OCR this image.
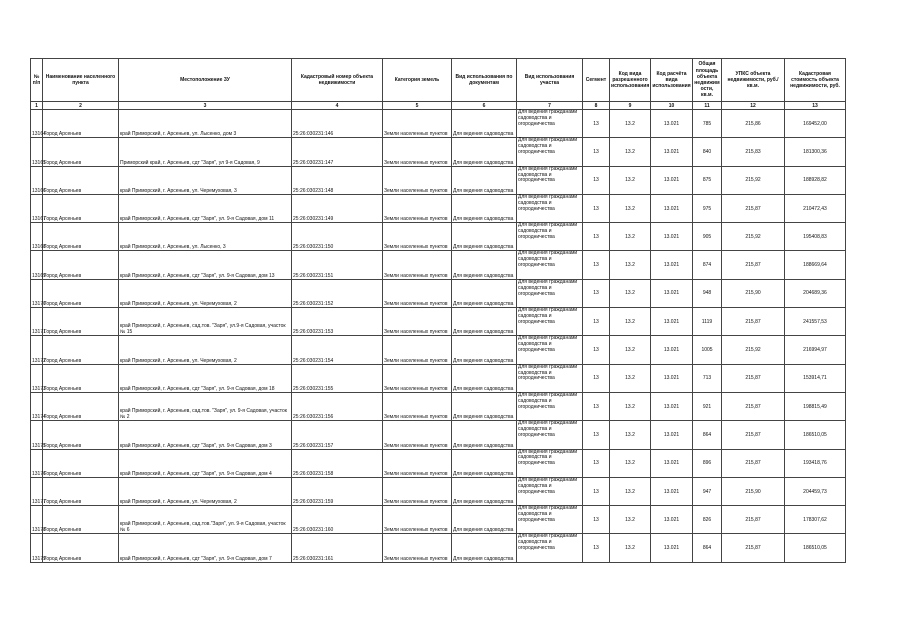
№ п/п	Наименование населенного пункта	Местоположение ЗУ	Кадастровый номер объекта недвижимости	Категория земель	Вид использования по документам	Вид использования участка	Сегмент	Код вида разрешенного использования	Код расчёта вида использования	Общая площадь объекта недвижим ости, кв.м.	УПКС объекта недвижимости, руб./кв.м.	Кадастровая стоимость объекта недвижимости, руб.
1	2	3	4	5	6	7	8	9	10	11	12	13
13164	Город Арсеньев	край Приморский, г. Арсеньев, ул. Лысенко, дом 3	25:26:030231:146	Земли населенных пунктов	Для ведения садоводства	Для ведения гражданами садоводства и огородничества	13	13.2	13.021	785	215,86	169452,00
13165	Город Арсеньев	Приморский край, г. Арсеньев, сдт "Заря", ул 9-я Садовая, 9	25:26:030231:147	Земли населенных пунктов	Для ведения садоводства	Для ведения гражданами садоводства и огородничества	13	13.2	13.021	840	215,83	181300,36
13166	Город Арсеньев	край Приморский, г. Арсеньев, ул. Черемуховая, 3	25:26:030231:148	Земли населенных пунктов	Для ведения садоводства	Для ведения гражданами садоводства и огородничества	13	13.2	13.021	875	215,92	188928,82
13167	Город Арсеньев	край Приморский, г. Арсеньев, сдт "Заря", ул. 9-я Садовая, дом 11	25:26:030231:149	Земли населенных пунктов	Для ведения садоводства	Для ведения гражданами садоводства и огородничества	13	13.2	13.021	975	215,87	210472,43
13168	Город Арсеньев	край Приморский, г. Арсеньев, ул. Лысенко, 3	25:26:030231:150	Земли населенных пунктов	Для ведения садоводства	Для ведения гражданами садоводства и огородничества	13	13.2	13.021	905	215,92	195408,83
13169	Город Арсеньев	край Приморский, г. Арсеньев, сдт "Заря", ул. 9-я Садовая, дом 13	25:26:030231:151	Земли населенных пунктов	Для ведения садоводства	Для ведения гражданами садоводства и огородничества	13	13.2	13.021	874	215,87	188669,64
13170	Город Арсеньев	край Приморский, г. Арсеньев, ул. Черемуховая, 2	25:26:030231:152	Земли населенных пунктов	Для ведения садоводства	Для ведения гражданами садоводства и огородничества	13	13.2	13.021	948	215,90	204689,36
13171	Город Арсеньев	край Приморский, г. Арсеньев, сад.тов. "Заря", ул.9-я Садовая, участок № 15	25:26:030231:153	Земли населенных пунктов	Для ведения садоводства	Для ведения гражданами садоводства и огородничества	13	13.2	13.021	1119	215,87	241557,53
13172	Город Арсеньев	край Приморский, г. Арсеньев, ул. Черемуховая, 2	25:26:030231:154	Земли населенных пунктов	Для ведения садоводства	Для ведения гражданами садоводства и огородничества	13	13.2	13.021	1005	215,92	216994,97
13173	Город Арсеньев	край Приморский, г. Арсеньев, сдт "Заря", ул. 9-я Садовая, дом 18	25:26:030231:155	Земли населенных пунктов	Для ведения садоводства	Для ведения гражданами садоводства и огородничества	13	13.2	13.021	713	215,87	153914,71
13174	Город Арсеньев	край Приморский, г. Арсеньев, сад.тов. "Заря", ул. 9-я Садовая, участок № 2	25:26:030231:156	Земли населенных пунктов	Для ведения садоводства	Для ведения гражданами садоводства и огородничества	13	13.2	13.021	921	215,87	198815,49
13175	Город Арсеньев	край Приморский, г. Арсеньев, сдт "Заря", ул. 9-я Садовая, дом 3	25:26:030231:157	Земли населенных пунктов	Для ведения садоводства	Для ведения гражданами садоводства и огородничества	13	13.2	13.021	864	215,87	186510,05
13176	Город Арсеньев	край Приморский, г. Арсеньев, сдт "Заря", ул. 9-я Садовая, дом 4	25:26:030231:158	Земли населенных пунктов	Для ведения садоводства	Для ведения гражданами садоводства и огородничества	13	13.2	13.021	896	215,87	193418,76
13177	Город Арсеньев	край Приморский, г. Арсеньев, ул. Черемуховая, 2	25:26:030231:159	Земли населенных пунктов	Для ведения садоводства	Для ведения гражданами садоводства и огородничества	13	13.2	13.021	947	215,90	204459,73
13178	Город Арсеньев	край Приморский, г. Арсеньев, сад.тов."Заря", ул. 9-я Садовая, участок № 6	25:26:030231:160	Земли населенных пунктов	Для ведения садоводства	Для ведения гражданами садоводства и огородничества	13	13.2	13.021	826	215,87	178307,62
13179	Город Арсеньев	край Приморский, г. Арсеньев, сдт "Заря", ул. 9-я Садовая, дом 7	25:26:030231:161	Земли населенных пунктов	Для ведения садоводства	Для ведения гражданами садоводства и огородничества	13	13.2	13.021	864	215,87	186510,05
